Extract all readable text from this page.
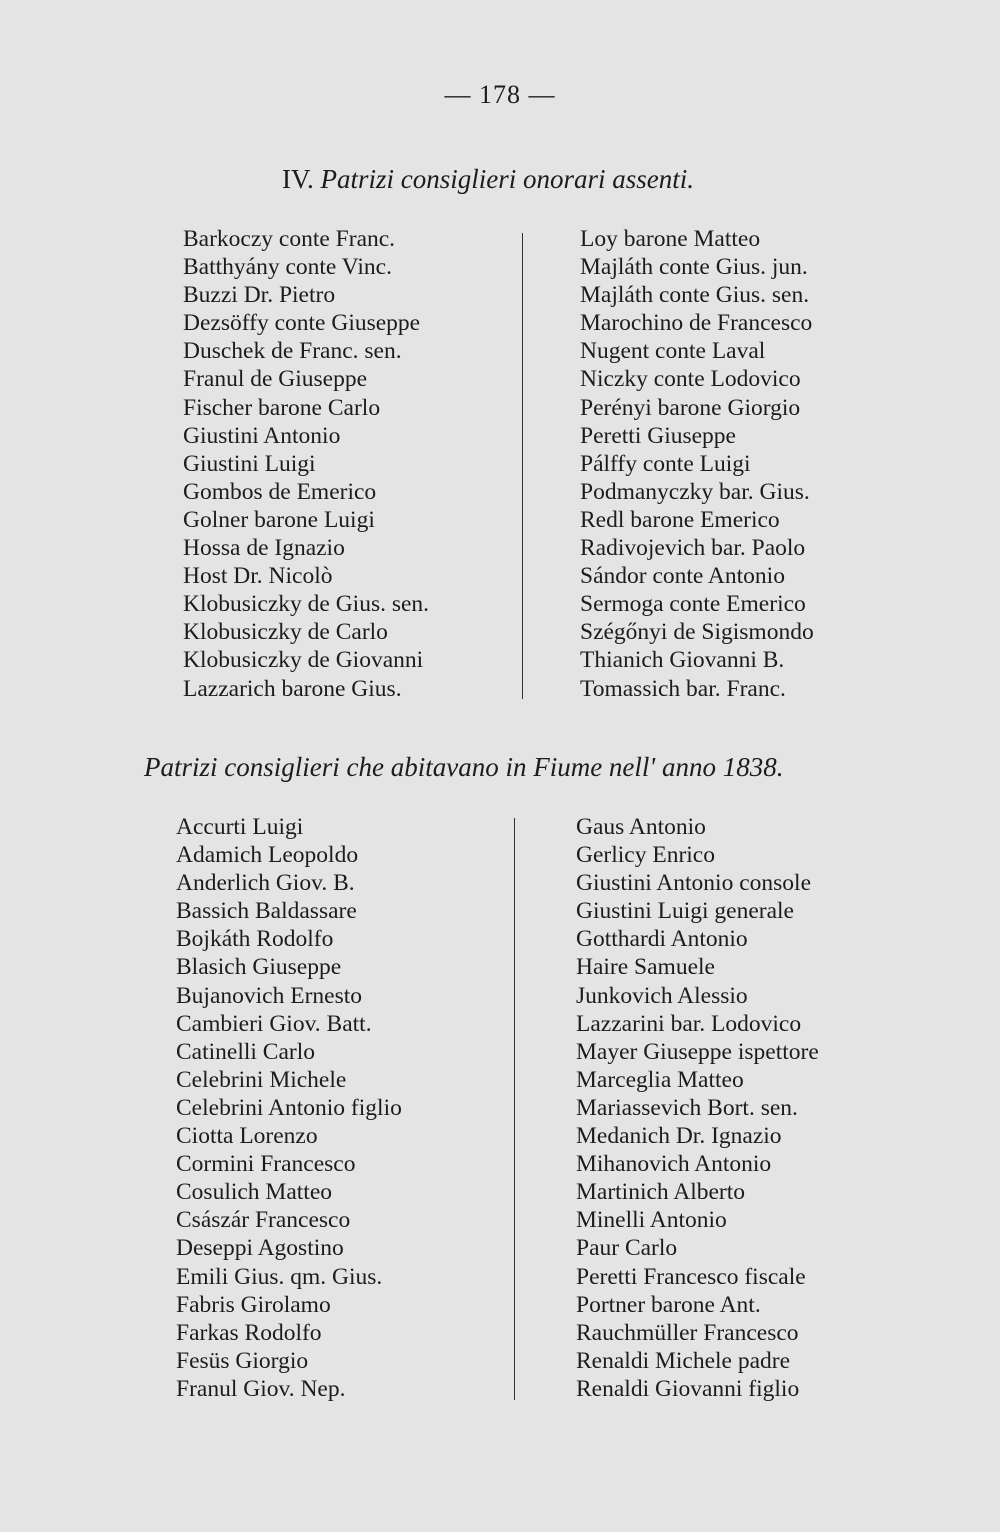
— 178 —
IV. Patrizi consiglieri onorari assenti.
Barkoczy conte Franc.
Batthyány conte Vinc.
Buzzi Dr. Pietro
Dezsöffy conte Giuseppe
Duschek de Franc. sen.
Franul de Giuseppe
Fischer barone Carlo
Giustini Antonio
Giustini Luigi
Gombos de Emerico
Golner barone Luigi
Hossa de Ignazio
Host Dr. Nicolò
Klobusiczky de Gius. sen.
Klobusiczky de Carlo
Klobusiczky de Giovanni
Lazzarich barone Gius.
Loy barone Matteo
Majláth conte Gius. jun.
Majláth conte Gius. sen.
Marochino de Francesco
Nugent conte Laval
Niczky conte Lodovico
Perényi barone Giorgio
Peretti Giuseppe
Pálffy conte Luigi
Podmanyczky bar. Gius.
Redl barone Emerico
Radivojevich bar. Paolo
Sándor conte Antonio
Sermoga conte Emerico
Szégőnyi de Sigismondo
Thianich Giovanni B.
Tomassich bar. Franc.
Patrizi consiglieri che abitavano in Fiume nell' anno 1838.
Accurti Luigi
Adamich Leopoldo
Anderlich Giov. B.
Bassich Baldassare
Bojkáth Rodolfo
Blasich Giuseppe
Bujanovich Ernesto
Cambieri Giov. Batt.
Catinelli Carlo
Celebrini Michele
Celebrini Antonio figlio
Ciotta Lorenzo
Cormini Francesco
Cosulich Matteo
Császár Francesco
Deseppi Agostino
Emili Gius. qm. Gius.
Fabris Girolamo
Farkas Rodolfo
Fesüs Giorgio
Franul Giov. Nep.
Gaus Antonio
Gerlicy Enrico
Giustini Antonio console
Giustini Luigi generale
Gotthardi Antonio
Haire Samuele
Junkovich Alessio
Lazzarini bar. Lodovico
Mayer Giuseppe ispettore
Marceglia Matteo
Mariassevich Bort. sen.
Medanich Dr. Ignazio
Mihanovich Antonio
Martinich Alberto
Minelli Antonio
Paur Carlo
Peretti Francesco fiscale
Portner barone Ant.
Rauchmüller Francesco
Renaldi Michele padre
Renaldi Giovanni figlio
